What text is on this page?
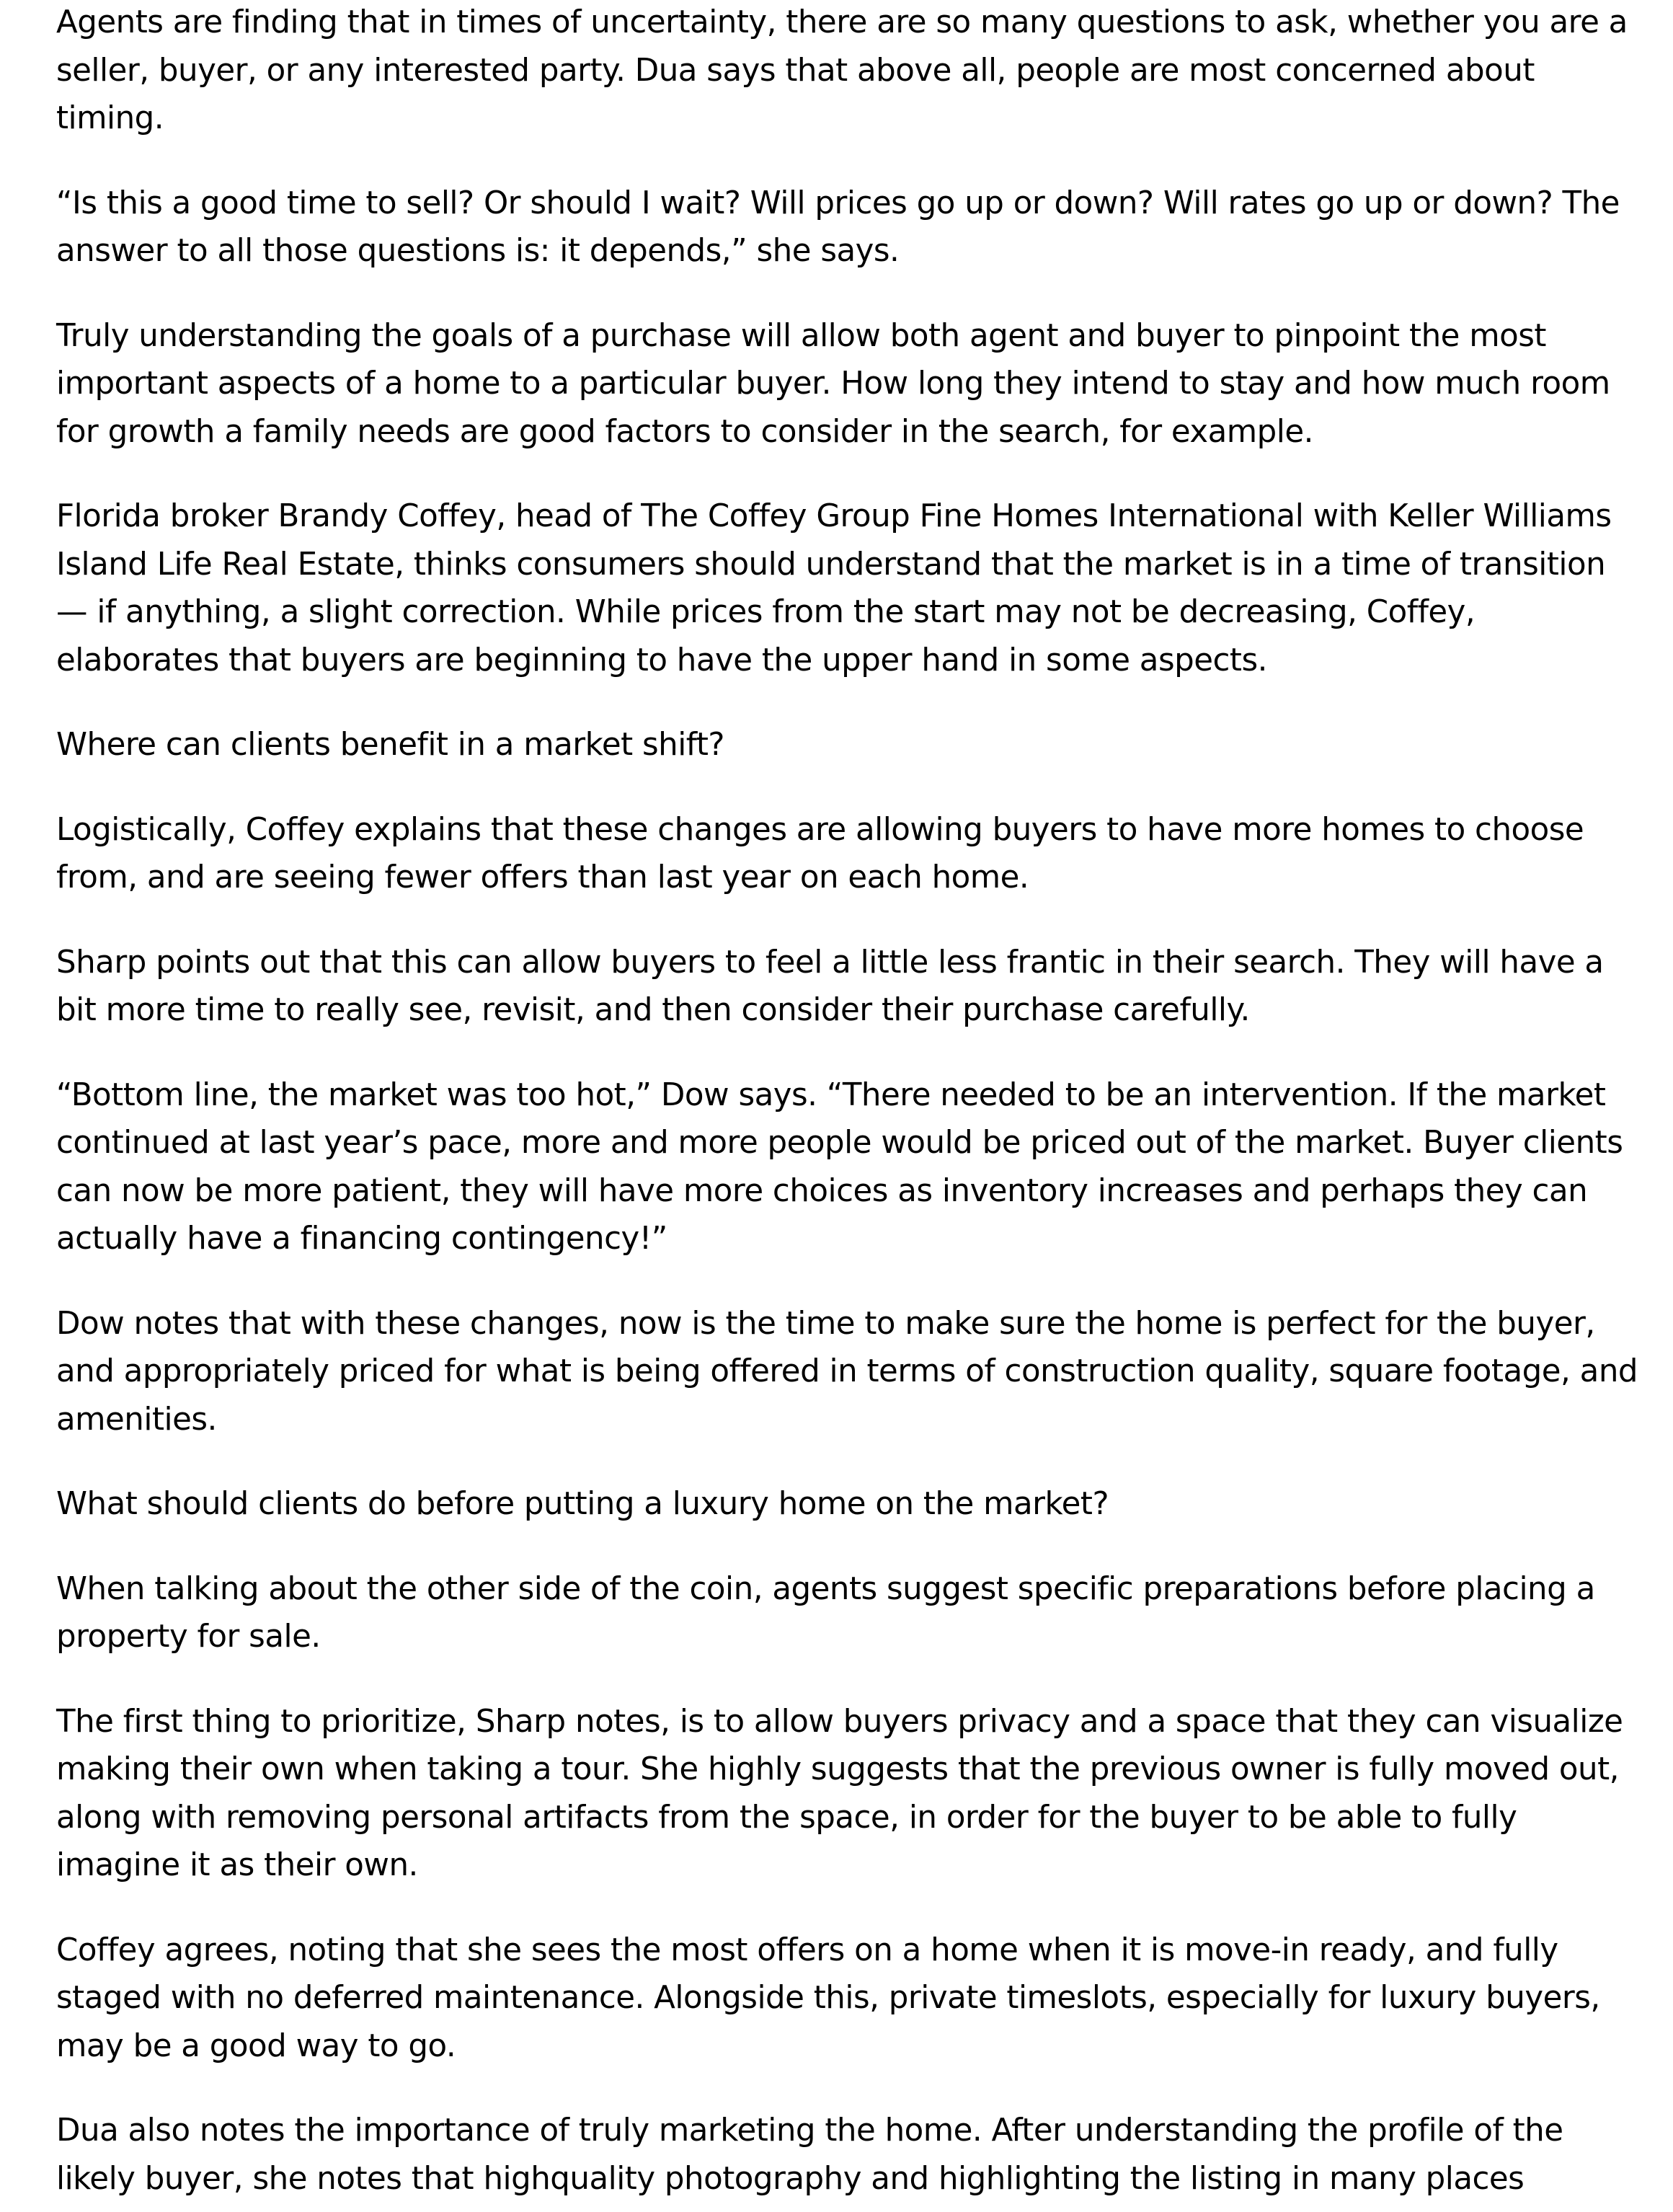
Agents are finding that in times of uncertainty, there are so many questions to ask, whether you are a seller, buyer, or any interested party. Dua says that above all, people are most concerned about timing.

“Is this a good time to sell? Or should I wait? Will prices go up or down? Will rates go up or down? The answer to all those questions is: it depends,” she says.

Truly understanding the goals of a purchase will allow both agent and buyer to pinpoint the most important aspects of a home to a particular buyer. How long they intend to stay and how much room for growth a family needs are good factors to consider in the search, for example.

Florida broker Brandy Coffey, head of The Coffey Group Fine Homes International with Keller Williams Island Life Real Estate, thinks consumers should understand that the market is in a time of transition — if anything, a slight correction. While prices from the start may not be decreasing, Coffey, elaborates that buyers are beginning to have the upper hand in some aspects.

Where can clients benefit in a market shift?

Logistically, Coffey explains that these changes are allowing buyers to have more homes to choose from, and are seeing fewer offers than last year on each home.

Sharp points out that this can allow buyers to feel a little less frantic in their search. They will have a bit more time to really see, revisit, and then consider their purchase carefully.

“Bottom line, the market was too hot,” Dow says. “There needed to be an intervention. If the market continued at last year’s pace, more and more people would be priced out of the market. Buyer clients can now be more patient, they will have more choices as inventory increases and perhaps they can actually have a financing contingency!”

Dow notes that with these changes, now is the time to make sure the home is perfect for the buyer, and appropriately priced for what is being offered in terms of construction quality, square footage, and amenities.

What should clients do before putting a luxury home on the market?

When talking about the other side of the coin, agents suggest specific preparations before placing a property for sale.

The first thing to prioritize, Sharp notes, is to allow buyers privacy and a space that they can visualize making their own when taking a tour. She highly suggests that the previous owner is fully moved out, along with removing personal artifacts from the space, in order for the buyer to be able to fully imagine it as their own.

Coffey agrees, noting that she sees the most offers on a home when it is move-in ready, and fully staged with no deferred maintenance. Alongside this, private timeslots, especially for luxury buyers, may be a good way to go.

Dua also notes the importance of truly marketing the home. After understanding the profile of the likely buyer, she notes that highquality photography and highlighting the listing in many places
